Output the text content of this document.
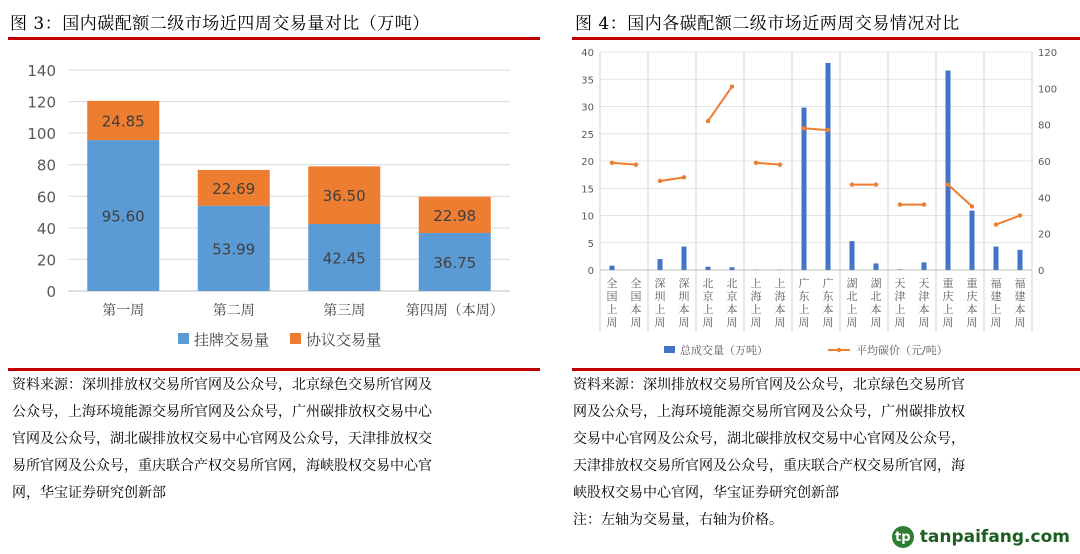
图 3：国内碳配额二级市场近四周交易量对比（万吨）
0
20
40
60
80
100
120
140
95.60
24.85
第一周
53.99
22.69
第二周
42.45
36.50
第三周
36.75
22.98
第四周（本周）
挂牌交易量 协议交易量
资料来源：深圳排放权交易所官网及公众号，北京绿色交易所官网及
公众号，上海环境能源交易所官网及公众号，广州碳排放权交易中心
官网及公众号，湖北碳排放权交易中心官网及公众号，天津排放权交
易所官网及公众号，重庆联合产权交易所官网，海峡股权交易中心官
网，华宝证券研究创新部
图 4：国内各碳配额二级市场近两周交易情况对比
0
5
10
15
20
25
30
35
40
0
20
40
60
80
100
120
全国上周
全国本周
深圳上周
深圳本周
北京上周
北京本周
上海上周
上海本周
广东上周
广东本周
湖北上周
湖北本周
天津上周
天津本周
重庆上周
重庆本周
福建上周
福建本周
总成交量（万吨）	平均碳价（元/吨）
资料来源：深圳排放权交易所官网及公众号，北京绿色交易所官
网及公众号，上海环境能源交易所官网及公众号，广州碳排放权
交易中心官网及公众号，湖北碳排放权交易中心官网及公众号，
天津排放权交易所官网及公众号，重庆联合产权交易所官网，海
峡股权交易中心官网，华宝证券研究创新部
注：左轴为交易量，右轴为价格。
tp tanpaifang.com
